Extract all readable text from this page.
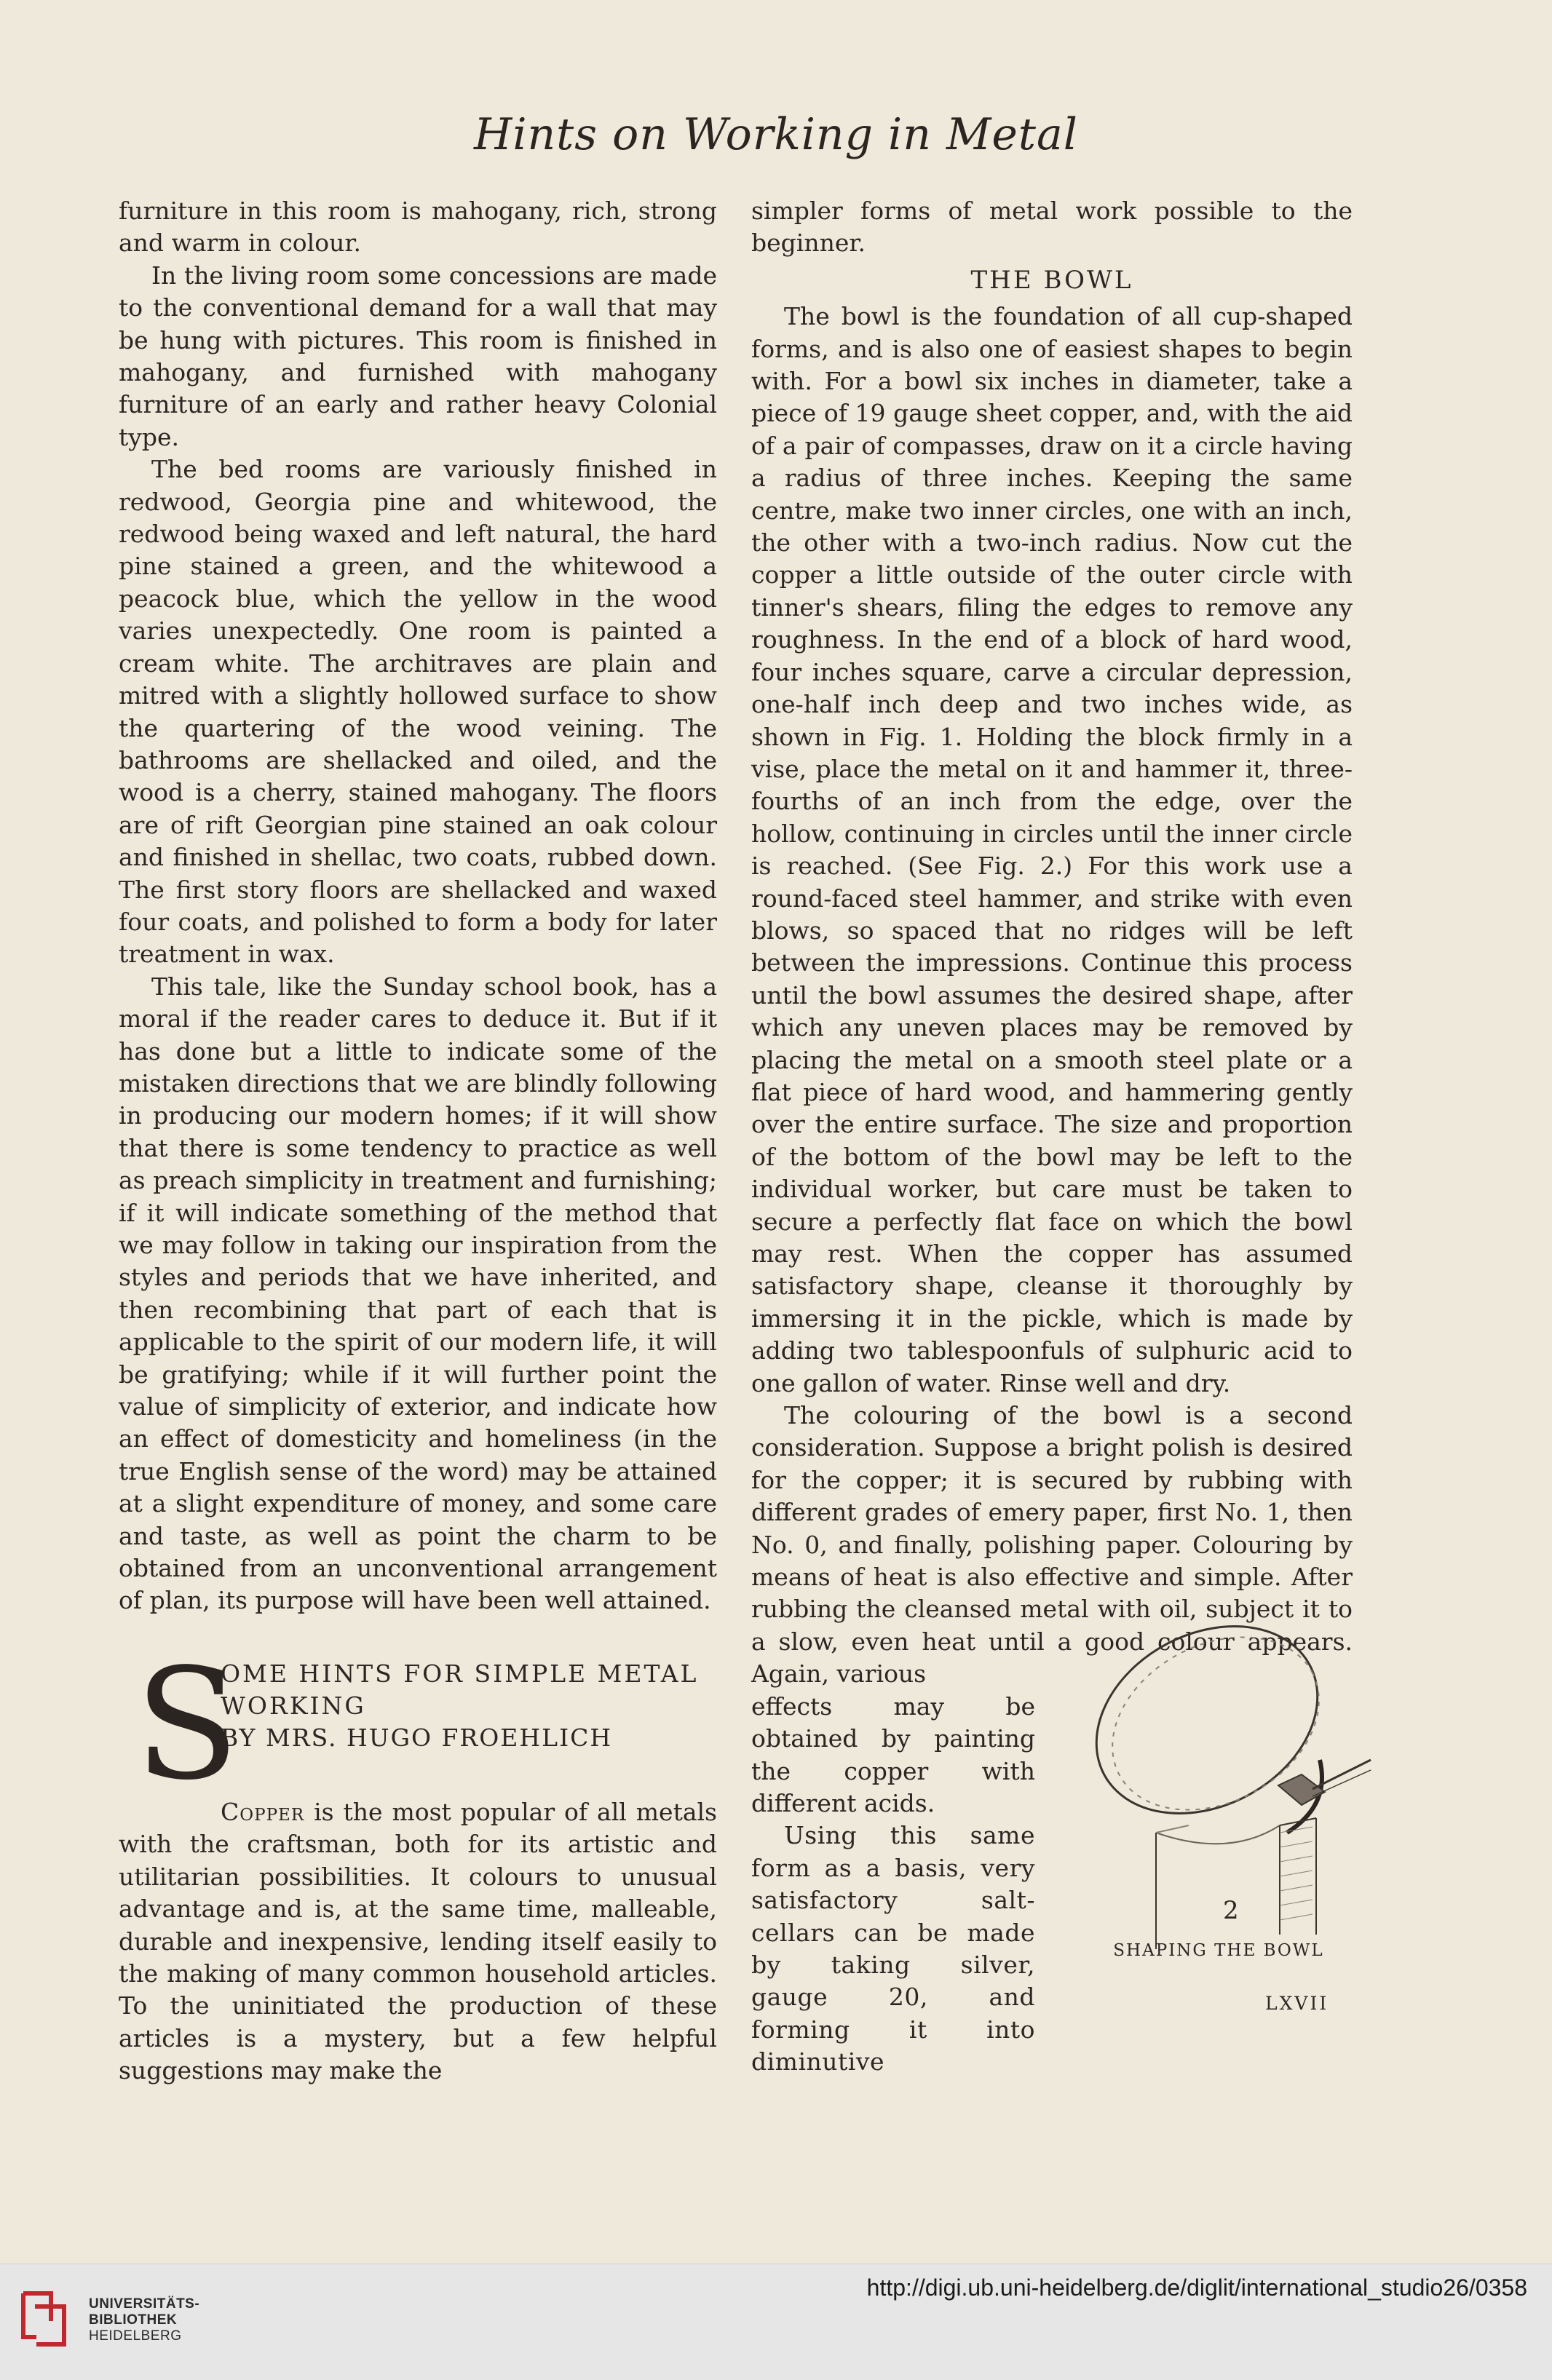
Hints on Working in Metal

furniture in this room is mahogany, rich, strong and warm in colour.

In the living room some concessions are made to the conventional demand for a wall that may be hung with pictures. This room is finished in mahogany, and furnished with mahogany furniture of an early and rather heavy Colonial type.

The bed rooms are variously finished in redwood, Georgia pine and whitewood, the redwood being waxed and left natural, the hard pine stained a green, and the whitewood a peacock blue, which the yellow in the wood varies unexpectedly. One room is painted a cream white. The architraves are plain and mitred with a slightly hollowed surface to show the quartering of the wood veining. The bathrooms are shellacked and oiled, and the wood is a cherry, stained mahogany. The floors are of rift Georgian pine stained an oak colour and finished in shellac, two coats, rubbed down. The first story floors are shellacked and waxed four coats, and polished to form a body for later treatment in wax.

This tale, like the Sunday school book, has a moral if the reader cares to deduce it. But if it has done but a little to indicate some of the mistaken directions that we are blindly following in producing our modern homes; if it will show that there is some tendency to practice as well as preach simplicity in treatment and furnishing; if it will indicate something of the method that we may follow in taking our inspiration from the styles and periods that we have inherited, and then recombining that part of each that is applicable to the spirit of our modern life, it will be gratifying; while if it will further point the value of simplicity of exterior, and indicate how an effect of domesticity and homeliness (in the true English sense of the word) may be attained at a slight expenditure of money, and some care and taste, as well as point the charm to be obtained from an unconventional arrangement of plan, its purpose will have been well attained.

S
OME HINTS FOR SIMPLE METAL
WORKING
BY MRS. HUGO FROEHLICH

Copper is the most popular of all metals with the craftsman, both for its artistic and utilitarian possibilities. It colours to unusual advantage and is, at the same time, malleable, durable and inexpensive, lending itself easily to the making of many common household articles. To the uninitiated the production of these articles is a mystery, but a few helpful suggestions may make the

simpler forms of metal work possible to the beginner.

THE BOWL

The bowl is the foundation of all cup-shaped forms, and is also one of easiest shapes to begin with. For a bowl six inches in diameter, take a piece of 19 gauge sheet copper, and, with the aid of a pair of compasses, draw on it a circle having a radius of three inches. Keeping the same centre, make two inner circles, one with an inch, the other with a two-inch radius. Now cut the copper a little outside of the outer circle with tinner's shears, filing the edges to remove any roughness. In the end of a block of hard wood, four inches square, carve a circular depression, one-half inch deep and two inches wide, as shown in Fig. 1. Holding the block firmly in a vise, place the metal on it and hammer it, three-fourths of an inch from the edge, over the hollow, continuing in circles until the inner circle is reached. (See Fig. 2.) For this work use a round-faced steel hammer, and strike with even blows, so spaced that no ridges will be left between the impressions. Continue this process until the bowl assumes the desired shape, after which any uneven places may be removed by placing the metal on a smooth steel plate or a flat piece of hard wood, and hammering gently over the entire surface. The size and proportion of the bottom of the bowl may be left to the individual worker, but care must be taken to secure a perfectly flat face on which the bowl may rest. When the copper has assumed satisfactory shape, cleanse it thoroughly by immersing it in the pickle, which is made by adding two tablespoonfuls of sulphuric acid to one gallon of water. Rinse well and dry.

The colouring of the bowl is a second consideration. Suppose a bright polish is desired for the copper; it is secured by rubbing with different grades of emery paper, first No. 1, then No. 0, and finally, polishing paper. Colouring by means of heat is also effective and simple. After rubbing the cleansed metal with oil, subject it to a slow, even heat until a good colour appears. Again, various

effects may be obtained by painting the copper with different acids.

Using this same form as a basis, very satisfactory salt-cellars can be made by taking silver, gauge 20, and forming it into diminutive

2
SHAPING THE BOWL
LXVII
UNIVERSITÄTS-
BIBLIOTHEK
HEIDELBERG
http://digi.ub.uni-heidelberg.de/diglit/international_studio26/0358
